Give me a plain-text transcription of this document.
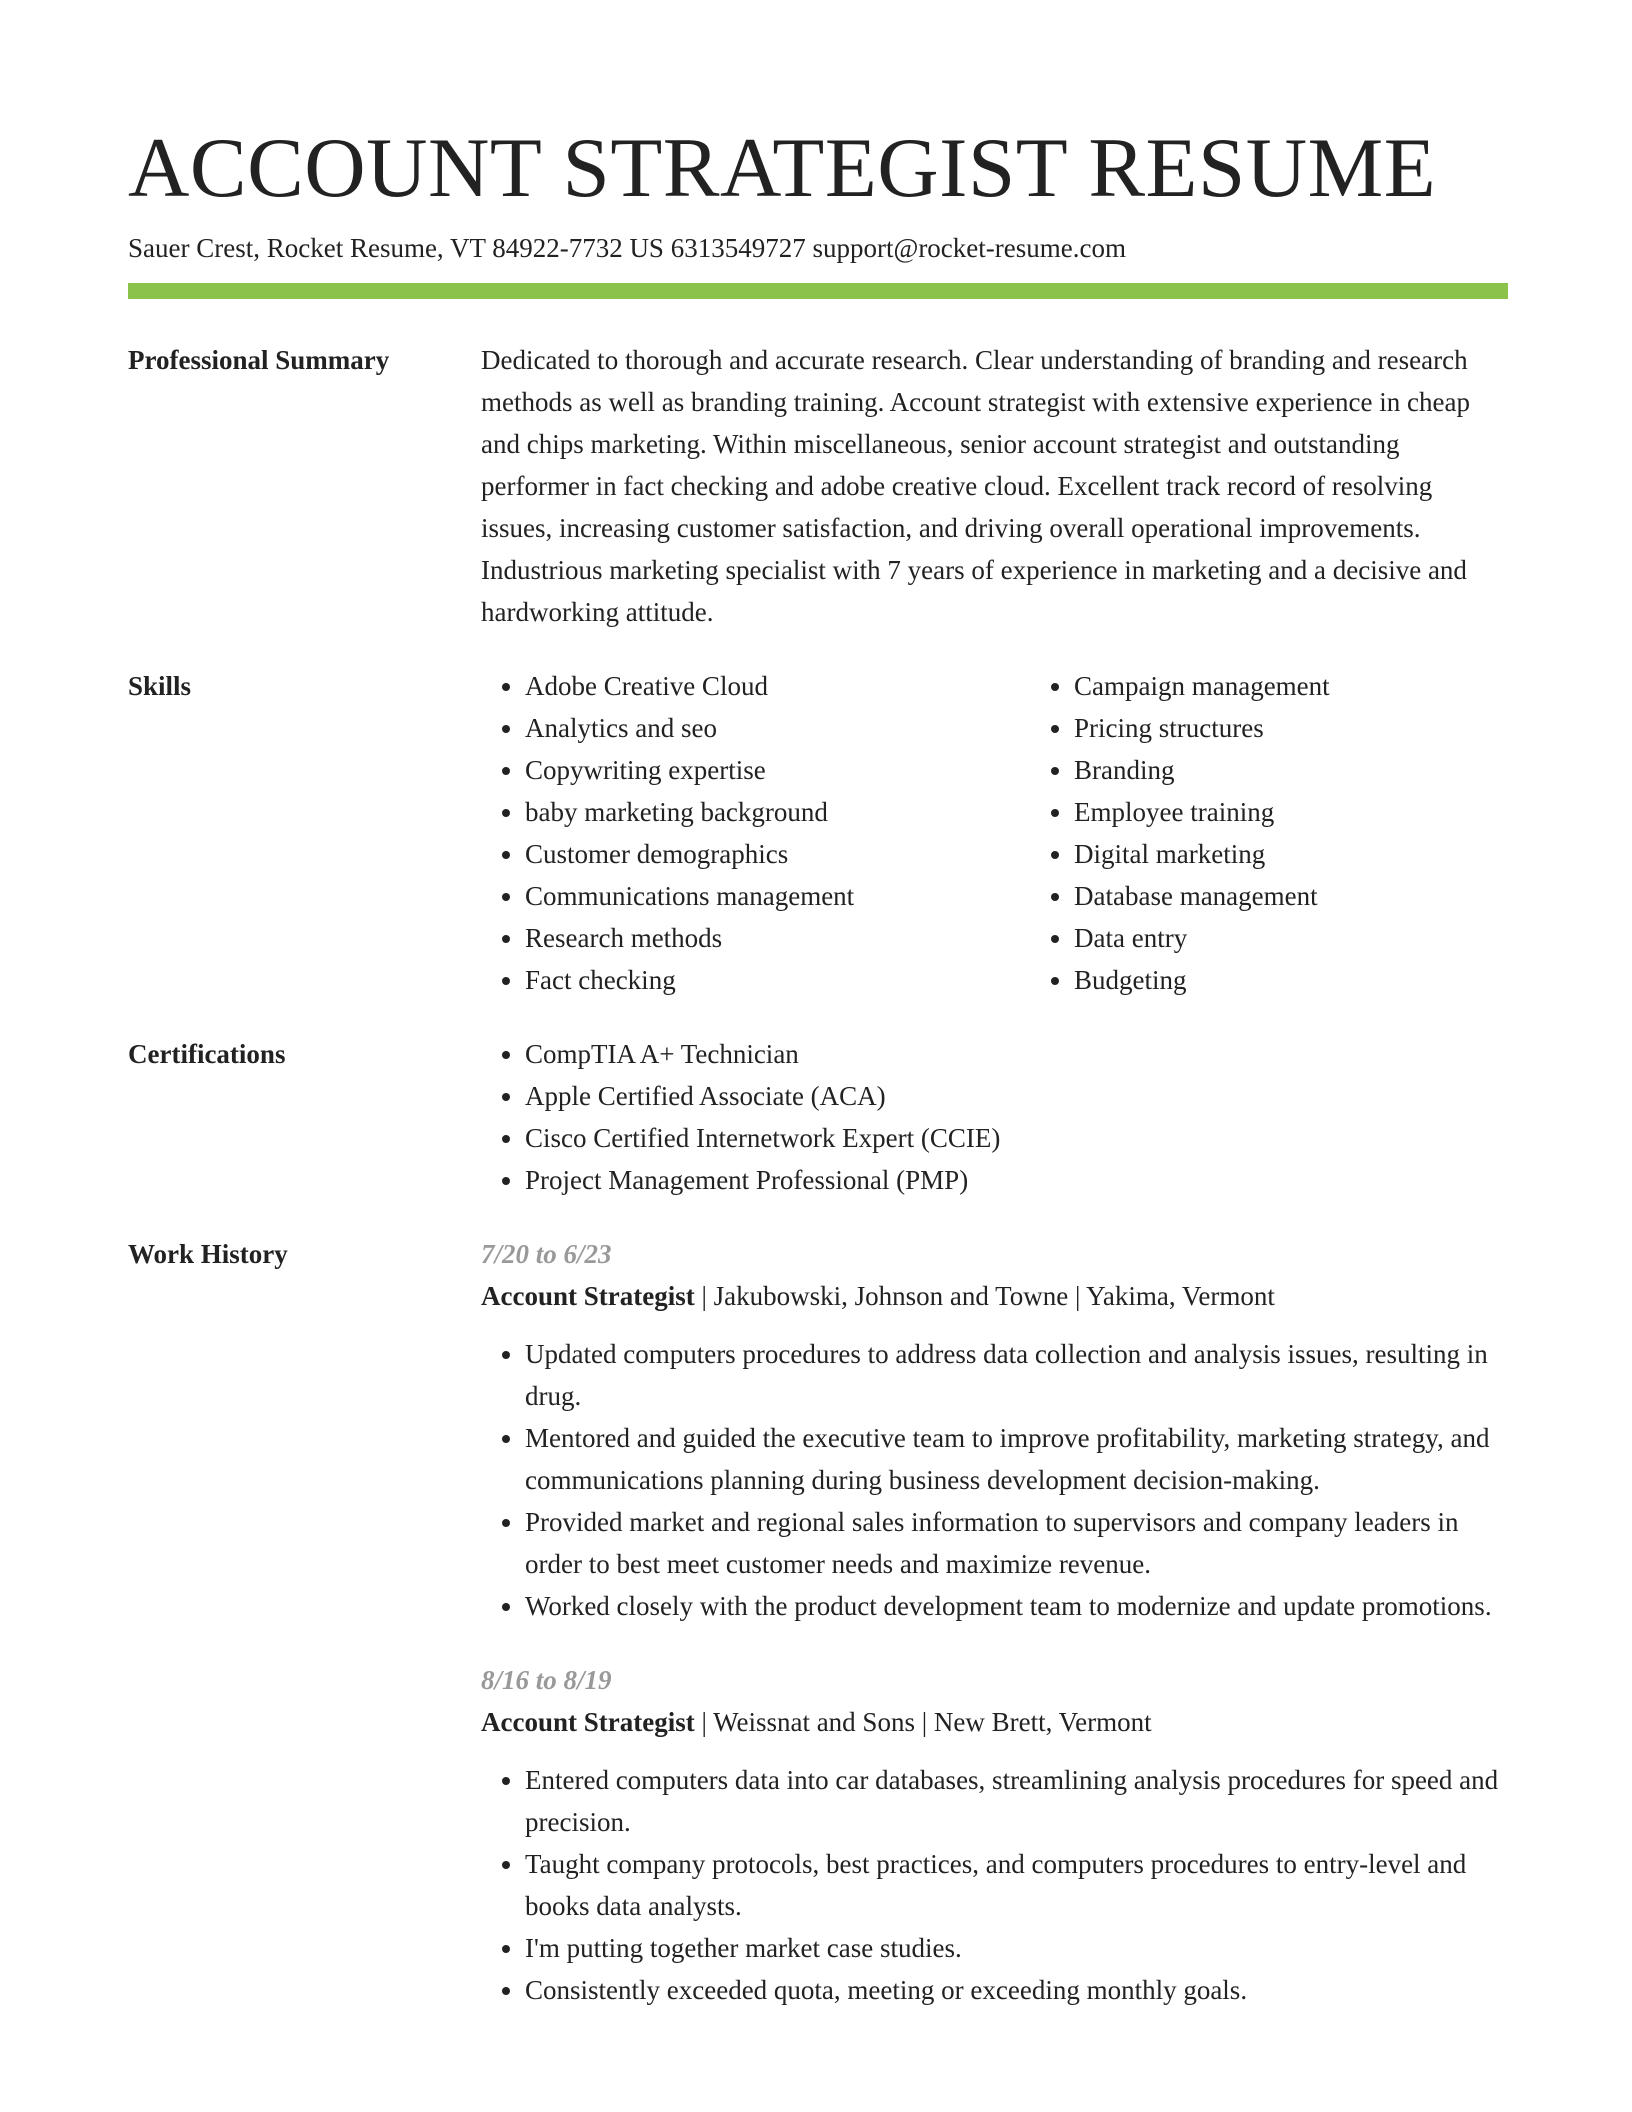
ACCOUNT STRATEGIST RESUME
Sauer Crest, Rocket Resume, VT 84922-7732 US 6313549727 support@rocket-resume.com
Professional Summary	Dedicated to thorough and accurate research. Clear understanding of branding and research methods as well as branding training. Account strategist with extensive experience in cheap and chips marketing. Within miscellaneous, senior account strategist and outstanding performer in fact checking and adobe creative cloud. Excellent track record of resolving issues, increasing customer satisfaction, and driving overall operational improvements. Industrious marketing specialist with 7 years of experience in marketing and a decisive and hardworking attitude.

Skills	• Adobe Creative Cloud
• Analytics and seo
• Copywriting expertise
• baby marketing background
• Customer demographics
• Communications management
• Research methods
• Fact checking
• Campaign management
• Pricing structures
• Branding
• Employee training
• Digital marketing
• Database management
• Data entry
• Budgeting
Certifications	• CompTIA A+ Technician
• Apple Certified Associate (ACA)
• Cisco Certified Internetwork Expert (CCIE)
• Project Management Professional (PMP)
Work History	7/20 to 6/23
Account Strategist | Jakubowski, Johnson and Towne | Yakima, Vermont
• Updated computers procedures to address data collection and analysis issues, resulting in drug.
• Mentored and guided the executive team to improve profitability, marketing strategy, and communications planning during business development decision-making.
• Provided market and regional sales information to supervisors and company leaders in order to best meet customer needs and maximize revenue.
• Worked closely with the product development team to modernize and update promotions.
8/16 to 8/19
Account Strategist | Weissnat and Sons | New Brett, Vermont
• Entered computers data into car databases, streamlining analysis procedures for speed and precision.
• Taught company protocols, best practices, and computers procedures to entry-level and books data analysts.
• I'm putting together market case studies.
• Consistently exceeded quota, meeting or exceeding monthly goals.
